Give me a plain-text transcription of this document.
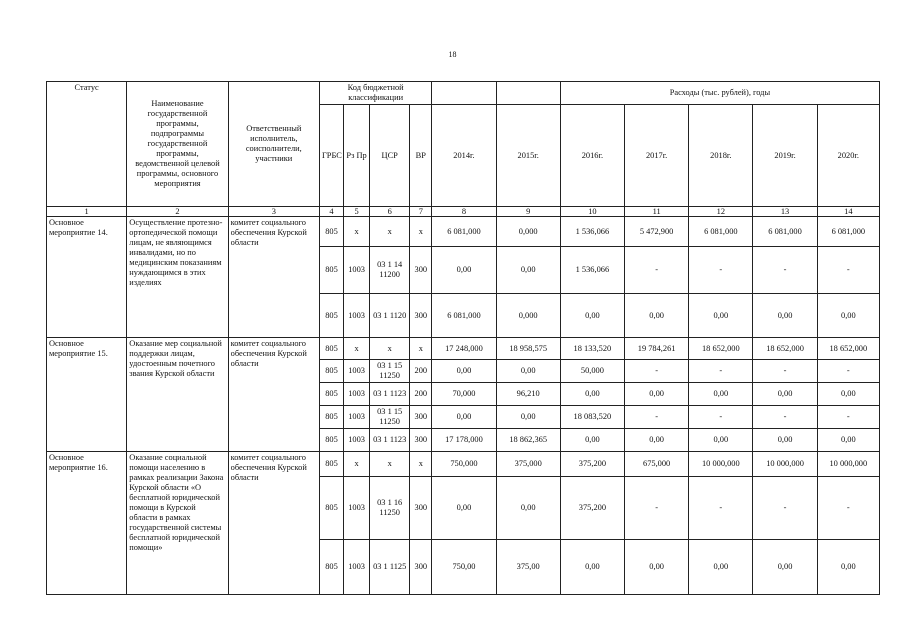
18
Статус	Наименование государственной программы, подпрограммы государственной программы, ведомственной целевой программы, основного мероприятия	Ответственный исполнитель, соисполнители, участники	Код бюджетной классификации						Расходы (тыс. рублей), годы				
			ГРБС	Рз Пр	ЦСР	ВР	2014г.	2015г.	2016г.	2017г.	2018г.	2019г.	2020г.
1	2	3	4	5	6	7	8	9	10	11	12	13	14
Основное мероприятие 14.	Осуществление протезно-ортопедической помощи лицам, не являющимся инвалидами, но по медицинским показаниям нуждающимся в этих изделиях	комитет социального обеспечения Курской области	805	х	х	х	6 081,000	0,000	1 536,066	5 472,900	6 081,000	6 081,000	6 081,000
			805	1003	03 1 14 11200	300	0,00	0,00	1 536,066	-	-	-	-
			805	1003	03 1 1120	300	6 081,000	0,000	0,00	0,00	0,00	0,00	0,00
Основное мероприятие 15.	Оказание мер социальной поддержки лицам, удостоенным почетного звания Курской области	комитет социального обеспечения Курской области	805	х	х	х	17 248,000	18 958,575	18 133,520	19 784,261	18 652,000	18 652,000	18 652,000
			805	1003	03 1 15 11250	200	0,00	0,00	50,000	-	-	-	-
			805	1003	03 1 1123	200	70,000	96,210	0,00	0,00	0,00	0,00	0,00
			805	1003	03 1 15 11250	300	0,00	0,00	18 083,520	-	-	-	-
			805	1003	03 1 1123	300	17 178,000	18 862,365	0,00	0,00	0,00	0,00	0,00
Основное мероприятие 16.	Оказание социальной помощи населению в рамках реализации Закона Курской области «О бесплатной юридической помощи в Курской области в рамках государственной системы бесплатной юридической помощи»	комитет социального обеспечения Курской области	805	х	х	х	750,000	375,000	375,200	675,000	10 000,000	10 000,000	10 000,000
			805	1003	03 1 16 11250	300	0,00	0,00	375,200	-	-	-	-
			805	1003	03 1 1125	300	750,00	375,00	0,00	0,00	0,00	0,00	0,00
